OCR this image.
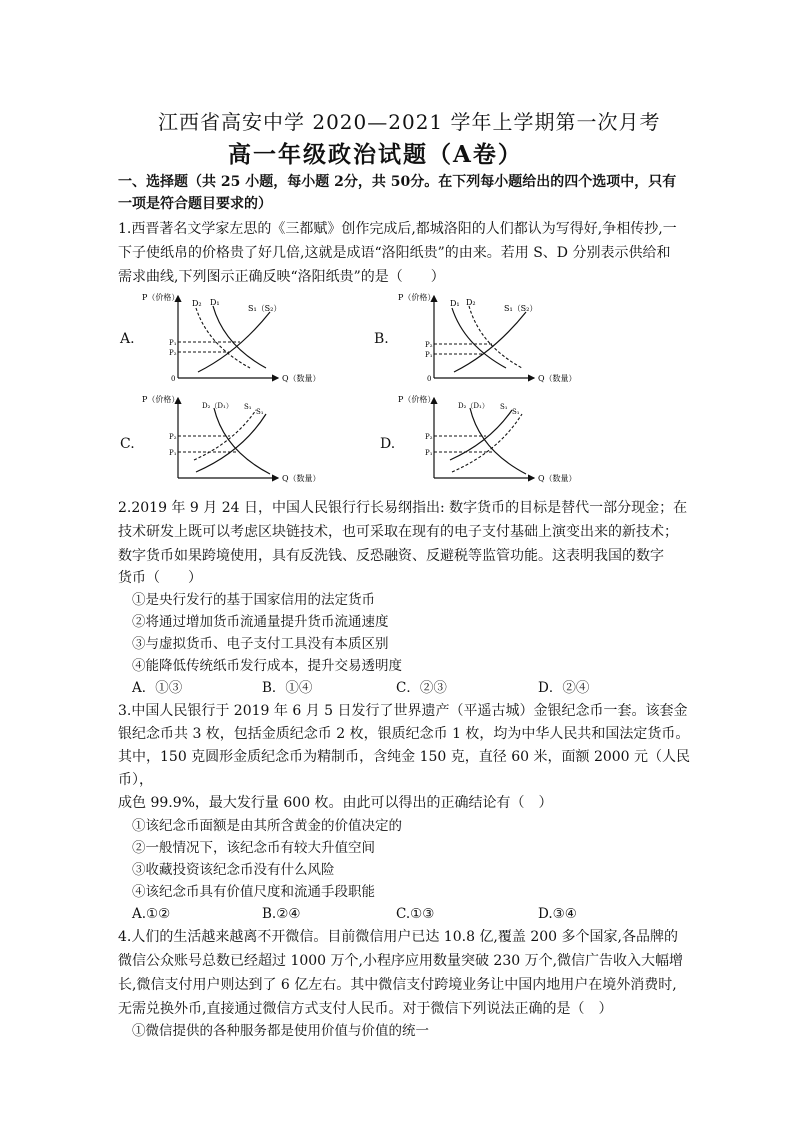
江西省高安中学 2020—2021 学年上学期第一次月考
高一年级政治试题（A卷）
一、选择题（共 25 小题，每小题 2分，共 50分。在下列每小题给出的四个选项中，只有
一项是符合题目要求的）
1.西晋著名文学家左思的《三都赋》创作完成后,都城洛阳的人们都认为写得好,争相传抄,一
下子使纸帛的价格贵了好几倍,这就是成语“洛阳纸贵”的由来。若用 S、D 分别表示供给和
需求曲线,下列图示正确反映“洛阳纸贵”的是（　　）
A.	B.
C.	D.
P（价格）
Q（数量）
0
D₂ D₁
S₁（S₂）
P₁
P₂
P（价格）
Q（数量）
0
D₁ D₂
S₁（S₂）
P₂
P₁
P（价格）
Q（数量）
D₂（D₁） S₁
S₁
P₂
P₁
P（价格）
Q（数量）
D₂（D₁） S₁
S₁
P₂
P₁
2.2019 年 9 月 24 日，中国人民银行行长易纲指出: 数字货币的目标是替代一部分现金；在
技术研发上既可以考虑区块链技术，也可采取在现有的电子支付基础上演变出来的新技术；
数字货币如果跨境使用，具有反洗钱、反恐融资、反避税等监管功能。这表明我国的数字
货币（　　）
①是央行发行的基于国家信用的法定货币
②将通过增加货币流通量提升货币流通速度
③与虚拟货币、电子支付工具没有本质区别
④能降低传统纸币发行成本，提升交易透明度
A．①③	B．①④	C．②③	D．②④
3.中国人民银行于 2019 年 6 月 5 日发行了世界遗产（平遥古城）金银纪念币一套。该套金
银纪念币共 3 枚，包括金质纪念币 2 枚，银质纪念币 1 枚，均为中华人民共和国法定货币。
其中，150 克圆形金质纪念币为精制币，含纯金 150 克，直径 60 米，面额 2000 元（人民
币），
成色 99.9%，最大发行量 600 枚。由此可以得出的正确结论有（　）
①该纪念币面额是由其所含黄金的价值决定的
②一般情况下，该纪念币有较大升值空间
③收藏投资该纪念币没有什么风险
④该纪念币具有价值尺度和流通手段职能
A.①②	B.②④	C.①③	D.③④
4.人们的生活越来越离不开微信。目前微信用户已达 10.8 亿,覆盖 200 多个国家,各品牌的
微信公众账号总数已经超过 1000 万个,小程序应用数量突破 230 万个,微信广告收入大幅增
长,微信支付用户则达到了 6 亿左右。其中微信支付跨境业务让中国内地用户在境外消费时,
无需兑换外币,直接通过微信方式支付人民币。对于微信下列说法正确的是（　）
①微信提供的各种服务都是使用价值与价值的统一
